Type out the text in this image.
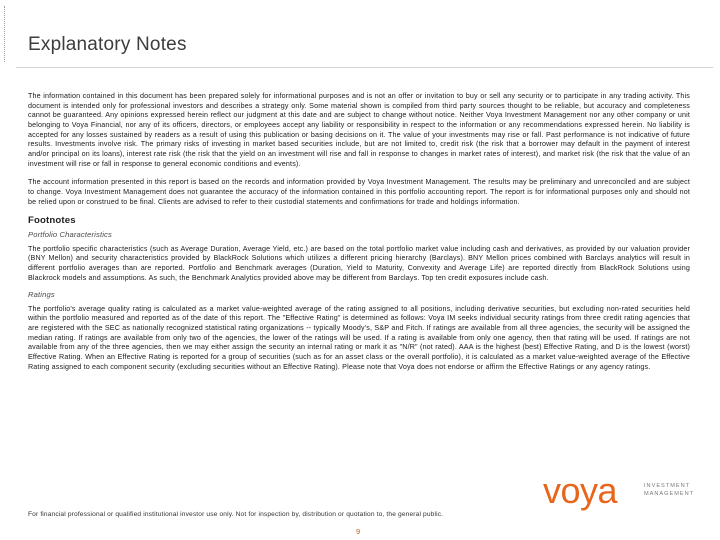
Explanatory Notes

The information contained in this document has been prepared solely for informational purposes and is not an offer or invitation to buy or sell any security or to participate in any trading activity. This document is intended only for professional investors and describes a strategy only. Some material shown is compiled from third party sources thought to be reliable, but accuracy and completeness cannot be guaranteed. Any opinions expressed herein reflect our judgment at this date and are subject to change without notice. Neither Voya Investment Management nor any other company or unit belonging to Voya Financial, nor any of its officers, directors, or employees accept any liability or responsibility in respect to the information or any recommendations expressed herein. No liability is accepted for any losses sustained by readers as a result of using this publication or basing decisions on it. The value of your investments may rise or fall. Past performance is not indicative of future results. Investments involve risk. The primary risks of investing in market based securities include, but are not limited to, credit risk (the risk that a borrower may default in the payment of interest and/or principal on its loans), interest rate risk (the risk that the yield on an investment will rise and fall in response to changes in market rates of interest), and market risk (the risk that the value of an investment will rise or fall in response to general economic conditions and events).

The account information presented in this report is based on the records and information provided by Voya Investment Management. The results may be preliminary and unreconciled and are subject to change. Voya Investment Management does not guarantee the accuracy of the information contained in this portfolio accounting report. The report is for informational purposes only and should not be relied upon or construed to be final. Clients are advised to refer to their custodial statements and confirmations for trade and holdings information.

Footnotes
Portfolio Characteristics

The portfolio specific characteristics (such as Average Duration, Average Yield, etc.) are based on the total portfolio market value including cash and derivatives, as provided by our valuation provider (BNY Mellon) and security characteristics provided by BlackRock Solutions which utilizes a different pricing hierarchy (Barclays). BNY Mellon prices combined with Barclays analytics will result in different portfolio averages than are reported. Portfolio and Benchmark averages (Duration, Yield to Maturity, Convexity and Average Life) are reported directly from BlackRock Solutions using Blackrock models and assumptions. As such, the Benchmark Analytics provided above may be different from Barclays. Top ten credit exposures include cash.

Ratings

The portfolio's average quality rating is calculated as a market value-weighted average of the rating assigned to all positions, including derivative securities, but excluding non-rated securities held within the portfolio measured and reported as of the date of this report. The "Effective Rating" is determined as follows: Voya IM seeks individual security ratings from three credit rating agencies that are registered with the SEC as nationally recognized statistical rating organizations -- typically Moody's, S&P and Fitch. If ratings are available from all three agencies, the security will be assigned the median rating. If ratings are available from only two of the agencies, the lower of the ratings will be used. If a rating is available from only one agency, then that rating will be used. If ratings are not available from any of the three agencies, then we may either assign the security an internal rating or mark it as "N/R" (not rated). AAA is the highest (best) Effective Rating, and D is the lowest (worst) Effective Rating. When an Effective Rating is reported for a group of securities (such as for an asset class or the overall portfolio), it is calculated as a market value-weighted average of the Effective Rating assigned to each component security (excluding securities without an Effective Rating). Please note that Voya does not endorse or affirm the Effective Ratings or any agency ratings.

voya	INVESTMENT
MANAGEMENT
For financial professional or qualified institutional investor use only. Not for inspection by, distribution or quotation to, the general public.
9
